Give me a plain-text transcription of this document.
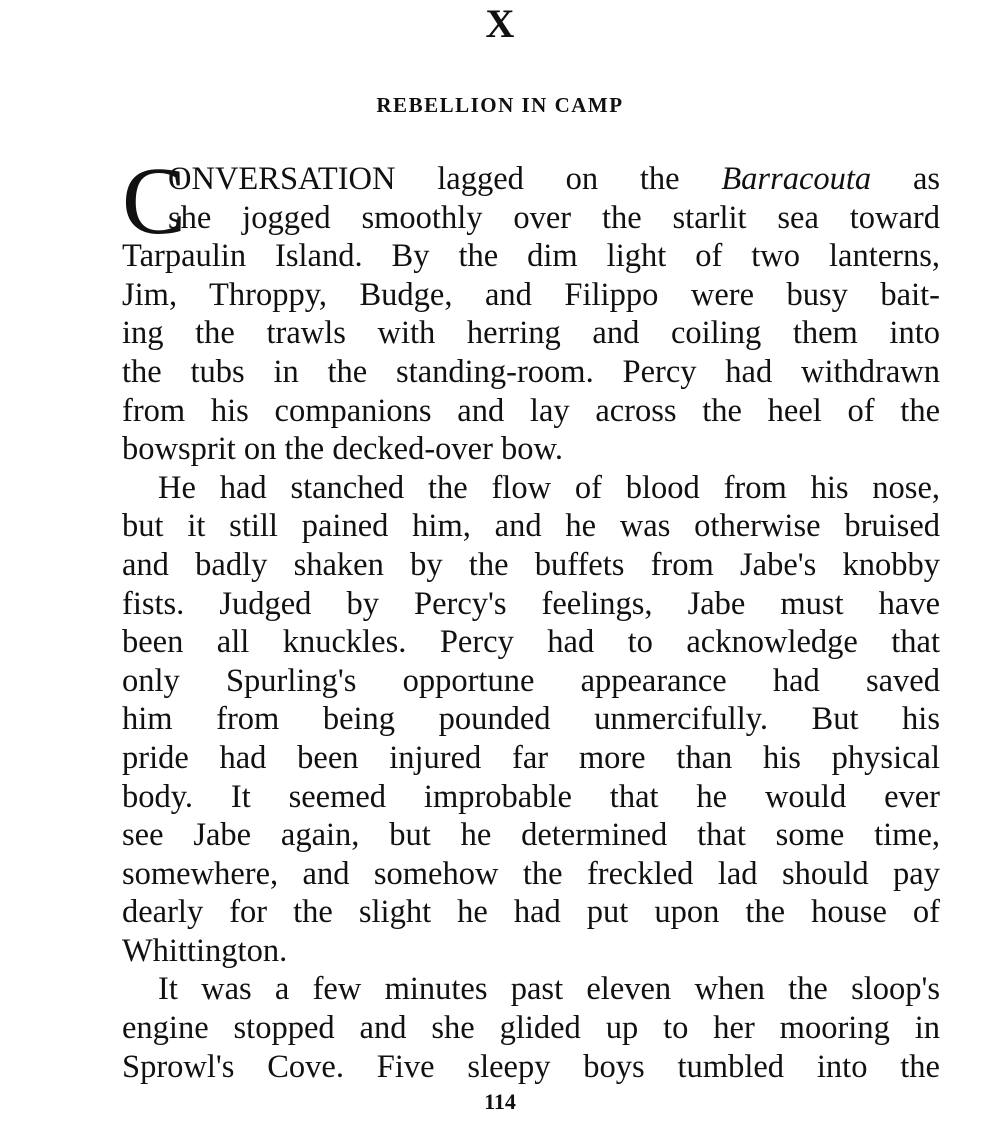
X
REBELLION IN CAMP
C
ONVERSATION lagged on the Barracouta as
she jogged smoothly over the starlit sea toward
Tarpaulin Island. By the dim light of two lanterns,
Jim, Throppy, Budge, and Filippo were busy bait-
ing the trawls with herring and coiling them into
the tubs in the standing-room. Percy had withdrawn
from his companions and lay across the heel of the
bowsprit on the decked-over bow.
He had stanched the flow of blood from his nose,
but it still pained him, and he was otherwise bruised
and badly shaken by the buffets from Jabe's knobby
fists. Judged by Percy's feelings, Jabe must have
been all knuckles. Percy had to acknowledge that
only Spurling's opportune appearance had saved
him from being pounded unmercifully. But his
pride had been injured far more than his physical
body. It seemed improbable that he would ever
see Jabe again, but he determined that some time,
somewhere, and somehow the freckled lad should pay
dearly for the slight he had put upon the house of
Whittington.
It was a few minutes past eleven when the sloop's
engine stopped and she glided up to her mooring in
Sprowl's Cove. Five sleepy boys tumbled into the
114
